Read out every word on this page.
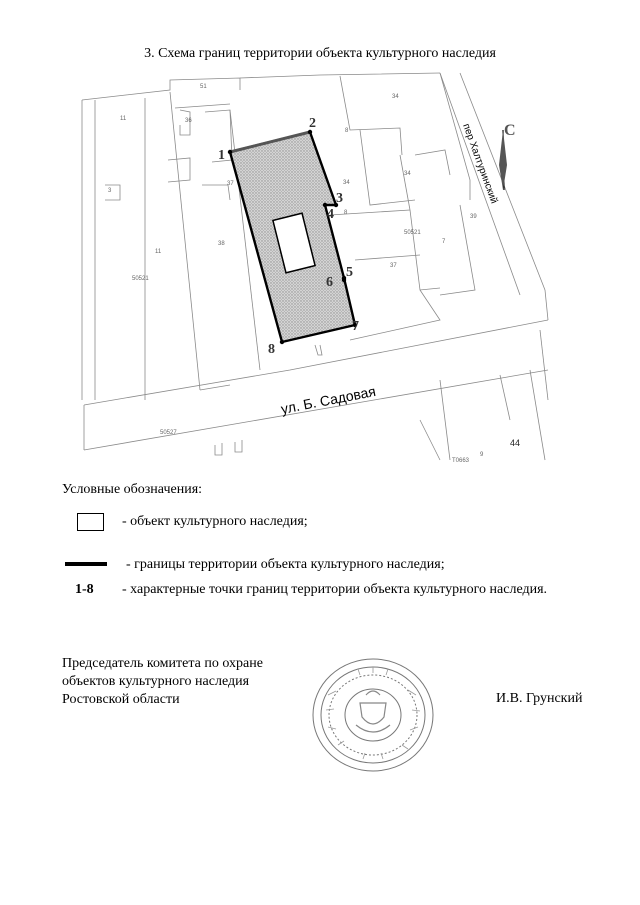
3. Схема границ территории объекта культурного наследия
1
2
3
4
5
6
7
8
51
36
34
11
37
8
34
34
39
3
50521
7
50521
11
38
8
37
50527
44
9
T0663
ул. Б. Садовая
пер Халтуринский С
Условные обозначения:
- объект культурного наследия;
- границы территории объекта культурного наследия;
1-8 - характерные точки границ территории объекта культурного наследия.
Председатель комитета по охране
объектов культурного наследия
Ростовской области	И.В. Грунский
